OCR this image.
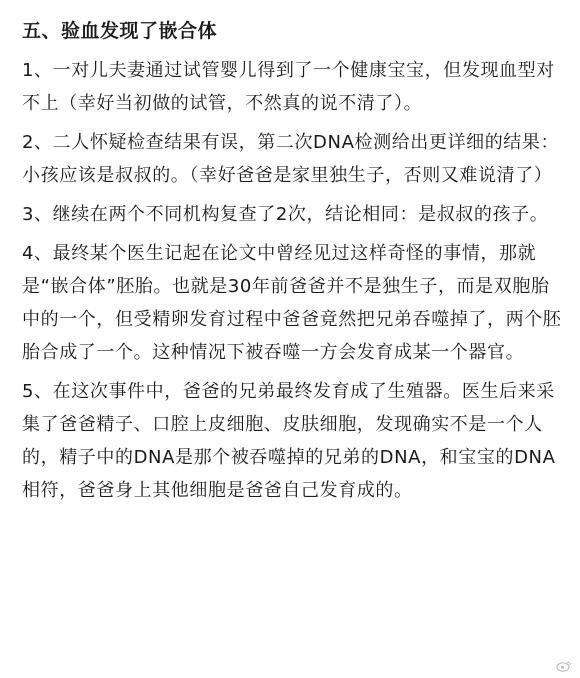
五、验血发现了嵌合体
1、一对儿夫妻通过试管婴儿得到了一个健康宝宝，但发现血型对不上（幸好当初做的试管，不然真的说不清了）。
2、二人怀疑检查结果有误，第二次DNA检测给出更详细的结果：小孩应该是叔叔的。（幸好爸爸是家里独生子，否则又难说清了）
3、继续在两个不同机构复查了2次，结论相同：是叔叔的孩子。
4、最终某个医生记起在论文中曾经见过这样奇怪的事情，那就是“嵌合体”胚胎。也就是30年前爸爸并不是独生子，而是双胞胎中的一个，但受精卵发育过程中爸爸竟然把兄弟吞噬掉了，两个胚胎合成了一个。这种情况下被吞噬一方会发育成某一个器官。
5、在这次事件中，爸爸的兄弟最终发育成了生殖器。医生后来采集了爸爸精子、口腔上皮细胞、皮肤细胞，发现确实不是一个人的，精子中的DNA是那个被吞噬掉的兄弟的DNA，和宝宝的DNA相符，爸爸身上其他细胞是爸爸自己发育成的。
